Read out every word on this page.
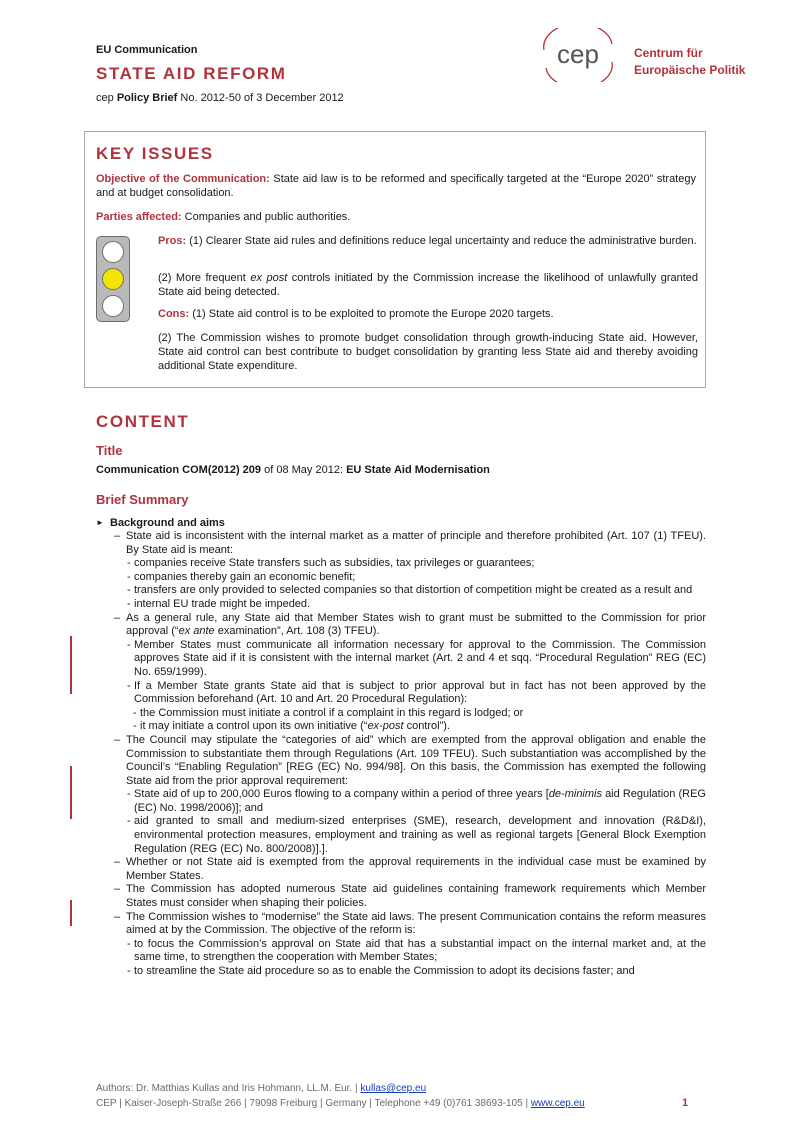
EU Communication
STATE AID REFORM
cep Policy Brief No. 2012-50 of 3 December 2012
cep	Centrum für
Europäische Politik
KEY ISSUES
Objective of the Communication: State aid law is to be reformed and specifically targeted at the “Europe 2020” strategy and at budget consolidation.
Parties affected: Companies and public authorities.
Pros: (1) Clearer State aid rules and definitions reduce legal uncertainty and reduce the administrative burden.
(2) More frequent ex post controls initiated by the Commission increase the likelihood of unlawfully granted State aid being detected.
Cons: (1) State aid control is to be exploited to promote the Europe 2020 targets.
(2) The Commission wishes to promote budget consolidation through growth-inducing State aid. However, State aid control can best contribute to budget consolidation by granting less State aid and thereby avoiding additional State expenditure.
CONTENT
Title
Communication COM(2012) 209 of 08 May 2012: EU State Aid Modernisation
Brief Summary
► Background and aims
– State aid is inconsistent with the internal market as a matter of principle and therefore prohibited (Art. 107 (1) TFEU). By State aid is meant:
- companies receive State transfers such as subsidies, tax privileges or guarantees;
- companies thereby gain an economic benefit;
- transfers are only provided to selected companies so that distortion of competition might be created as a result and
- internal EU trade might be impeded.
– As a general rule, any State aid that Member States wish to grant must be submitted to the Commission for prior approval (“ex ante examination”, Art. 108 (3) TFEU).
- Member States must communicate all information necessary for approval to the Commission. The Commission approves State aid if it is consistent with the internal market (Art. 2 and 4 et sqq. “Procedural Regulation” REG (EC) No. 659/1999).
- If a Member State grants State aid that is subject to prior approval but in fact has not been approved by the Commission beforehand (Art. 10 and Art. 20 Procedural Regulation):
- the Commission must initiate a control if a complaint in this regard is lodged; or
- it may initiate a control upon its own initiative (“ex-post control”).
– The Council may stipulate the “categories of aid” which are exempted from the approval obligation and enable the Commission to substantiate them through Regulations (Art. 109 TFEU). Such substantiation was accomplished by the Council’s “Enabling Regulation” [REG (EC) No. 994/98]. On this basis, the Commission has exempted the following State aid from the prior approval requirement:
- State aid of up to 200,000 Euros flowing to a company within a period of three years [de-minimis aid Regulation (REG (EC) No. 1998/2006)]; and
- aid granted to small and medium-sized enterprises (SME), research, development and innovation (R&D&I), environmental protection measures, employment and training as well as regional targets [General Block Exemption Regulation (REG (EC) No. 800/2008)].].
– Whether or not State aid is exempted from the approval requirements in the individual case must be examined by Member States.
– The Commission has adopted numerous State aid guidelines containing framework requirements which Member States must consider when shaping their policies.
– The Commission wishes to “modernise” the State aid laws. The present Communication contains the reform measures aimed at by the Commission. The objective of the reform is:
- to focus the Commission’s approval on State aid that has a substantial impact on the internal market and, at the same time, to strengthen the cooperation with Member States;
- to streamline the State aid procedure so as to enable the Commission to adopt its decisions faster; and
Authors: Dr. Matthias Kullas and Iris Hohmann, LL.M. Eur. | kullas@cep.eu
CEP | Kaiser-Joseph-Straße 266 | 79098 Freiburg | Germany | Telephone +49 (0)761 38693-105 | www.cep.eu	1
